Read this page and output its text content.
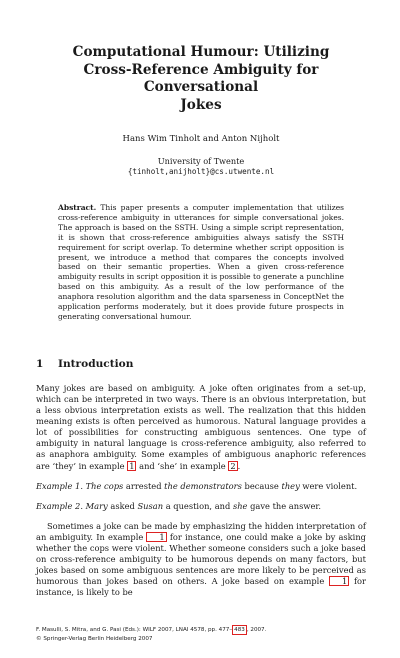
Computational Humour: Utilizing
Cross-Reference Ambiguity for Conversational
Jokes
Hans Wim Tinholt and Anton Nijholt
University of Twente
{tinholt,anijholt}@cs.utwente.nl
Abstract. This paper presents a computer implementation that utilizes cross-reference ambiguity in utterances for simple conversational jokes. The approach is based on the SSTH. Using a simple script representation, it is shown that cross-reference ambiguities always satisfy the SSTH requirement for script overlap. To determine whether script opposition is present, we introduce a method that compares the concepts involved based on their semantic properties. When a given cross-reference ambiguity results in script opposition it is possible to generate a punchline based on this ambiguity. As a result of the low performance of the anaphora resolution algorithm and the data sparseness in ConceptNet the application performs moderately, but it does provide future prospects in generating conversational humour.
1 Introduction
Many jokes are based on ambiguity. A joke often originates from a set-up, which can be interpreted in two ways. There is an obvious interpretation, but a less obvious interpretation exists as well. The realization that this hidden meaning exists is often perceived as humorous. Natural language provides a lot of possibilities for constructing ambiguous sentences. One type of ambiguity in natural language is cross-reference ambiguity, also referred to as anaphora ambiguity. Some examples of ambiguous anaphoric references are ‘they’ in example 1 and ‘she’ in example 2 .
Example 1. The cops arrested the demonstrators because they were violent.
Example 2. Mary asked Susan a question, and she gave the answer.
Sometimes a joke can be made by emphasizing the hidden interpretation of an ambiguity. In example 1 for instance, one could make a joke by asking whether the cops were violent. Whether someone considers such a joke based on cross-reference ambiguity to be humorous depends on many factors, but jokes based on some ambiguous sentences are more likely to be perceived as humorous than jokes based on others. A joke based on example 1 for instance, is likely to be
F. Masulli, S. Mitra, and G. Pasi (Eds.): WILF 2007, LNAI 4578, pp. 477– 483 , 2007.
© Springer-Verlag Berlin Heidelberg 2007
